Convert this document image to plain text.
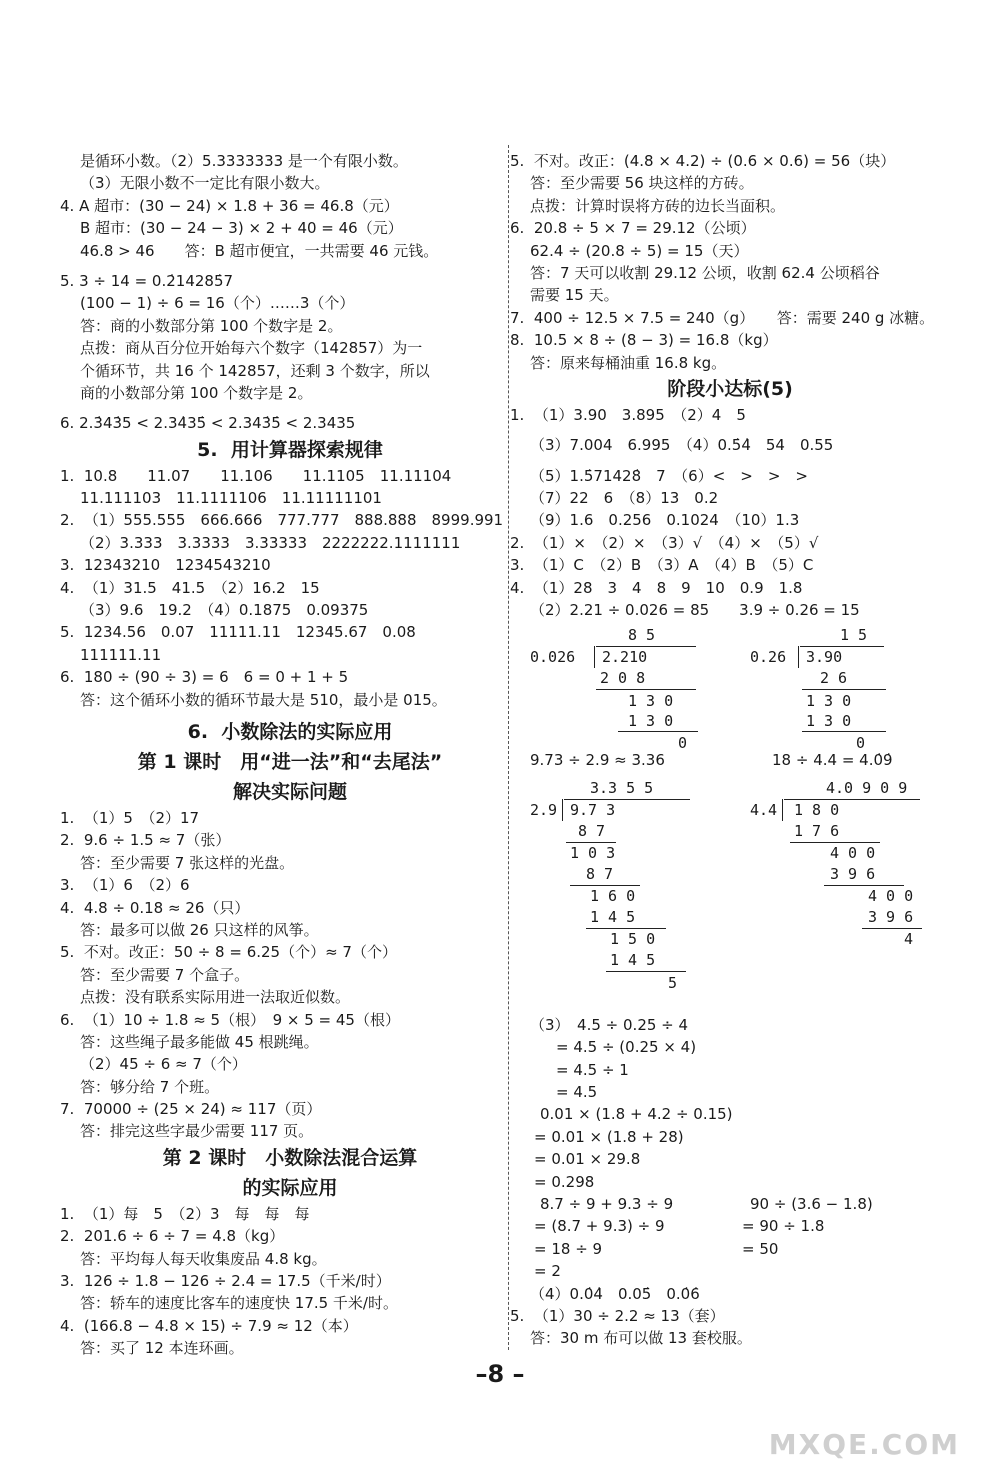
是循环小数。（2）5.3333333 是一个有限小数。
（3）无限小数不一定比有限小数大。
4. A 超市：(30 − 24) × 1.8 + 36 = 46.8（元）
B 超市：(30 − 24 − 3) × 2 + 40 = 46（元）
46.8 > 46　　答：B 超市便宜，一共需要 46 元钱。
5. 3 ÷ 14 = 0.2̇14285̇7
(100 − 1) ÷ 6 = 16（个）……3（个）
答：商的小数部分第 100 个数字是 2。
点拨：商从百分位开始每六个数字（142857）为一
个循环节，共 16 个 142857，还剩 3 个数字，所以
商的小数部分第 100 个数字是 2。
6. 2.3̇43̇5 < 2.34̇35̇ < 2.343̇5̇ < 2.3435
5.  用计算器探索规律
1.  10.8　　11.07　　11.106　　11.1105　 11.11104
11.111103　11.1111106　11.11111101
2.  （1）555.555　666.666　777.777　888.888　8999.991
（2）3.333　3.3333　3.33333　2222222.1111111
3.  12343210　1234543210
4.  （1）31.5　41.5　（2）16.2　15
（3）9.6　19.2　（4）0.1875　0.09375
5.  1234.56　0.07　11111.11　12345.67　0.08
111111.11
6.  180 ÷ (90 ÷ 3) = 6　6 = 0 + 1 + 5
答：这个循环小数的循环节最大是 510，最小是 015。
6.  小数除法的实际应用
第 1 课时　用“进一法”和“去尾法”
解决实际问题
1.  （1）5　（2）17
2.  9.6 ÷ 1.5 ≈ 7（张）
答：至少需要 7 张这样的光盘。
3.  （1）6　（2）6
4.  4.8 ÷ 0.18 ≈ 26（只）
答：最多可以做 26 只这样的风筝。
5.  不对。改正：50 ÷ 8 = 6.25（个）≈ 7（个）
答：至少需要 7 个盒子。
点拨：没有联系实际用进一法取近似数。
6.  （1）10 ÷ 1.8 ≈ 5（根）　9 × 5 = 45（根）
答：这些绳子最多能做 45 根跳绳。
（2）45 ÷ 6 ≈ 7（个）
答：够分给 7 个班。
7.  70000 ÷ (25 × 24) ≈ 117（页）
答：排完这些字最少需要 117 页。
第 2 课时　小数除法混合运算
的实际应用
1.  （1）每　5　（2）3　每　每　每
2.  201.6 ÷ 6 ÷ 7 = 4.8（kg）
答：平均每人每天收集废品 4.8 kg。
3.  126 ÷ 1.8 − 126 ÷ 2.4 = 17.5（千米/时）
答：轿车的速度比客车的速度快 17.5 千米/时。
4.  (166.8 − 4.8 × 15) ÷ 7.9 ≈ 12（本）
答：买了 12 本连环画。
5.  不对。改正：(4.8 × 4.2) ÷ (0.6 × 0.6) = 56（块）
答：至少需要 56 块这样的方砖。
点拨：计算时误将方砖的边长当面积。
6.  20.8 ÷ 5 × 7 = 29.12（公顷）
62.4 ÷ (20.8 ÷ 5) = 15（天）
答：7 天可以收割 29.12 公顷，收割 62.4 公顷稻谷
需要 15 天。
7.  400 ÷ 12.5 × 7.5 = 240（g）　　答：需要 240 g 冰糖。
8.  10.5 × 8 ÷ (8 − 3) = 16.8（kg）
答：原来每桶油重 16.8 kg。
阶段小达标(5)
1.  （1）3.90　3.895　（2）4　5
（3）7.004　6.995　（4）0.5̇4̇　54　0.55
（5）1.5̇71428̇　7　（6）<　>　>　>
（7）22　6　（8）13　0.2
（9）1.6　0.256　0.1024　（10）1.3
2.  （1）×　（2）×　（3）√　（4）×　（5）√
3.  （1）C　（2）B　（3）A　（4）B　（5）C
4.  （1）28　3　4　8　9　10　0.9　1.8
（2）2.21 ÷ 0.026 = 85　　3.9 ÷ 0.26 = 15
8 5
0.026 2.210
2 0 8
1 3 0
1 3 0
0
1 5
0.26 3.90
2 6
1 3 0
1 3 0
0
9.73 ÷ 2.9 ≈ 3.36	18 ÷ 4.4 = 4.0̇9̇
3.3 5 5
2.9 9.7 3
8 7
1 0 3
8 7
1 6 0
1 4 5
1 5 0
1 4 5
5
4.0 9 0 9
4.4 1 8 0
1 7 6
4 0 0
3 9 6
4 0 0
3 9 6
4
（3）　4.5 ÷ 0.25 ÷ 4
= 4.5 ÷ (0.25 × 4)
= 4.5 ÷ 1
= 4.5
0.01 × (1.8 + 4.2 ÷ 0.15)
= 0.01 × (1.8 + 28)
= 0.01 × 29.8
= 0.298
8.7 ÷ 9 + 9.3 ÷ 9	90 ÷ (3.6 − 1.8)
= (8.7 + 9.3) ÷ 9	= 90 ÷ 1.8
= 18 ÷ 9	= 50
= 2
（4）0.0̇4̇　0.05̇　0.0̇6̇
5.  （1）30 ÷ 2.2 ≈ 13（套）
答：30 m 布可以做 13 套校服。
–8 –
MXQE.COM
